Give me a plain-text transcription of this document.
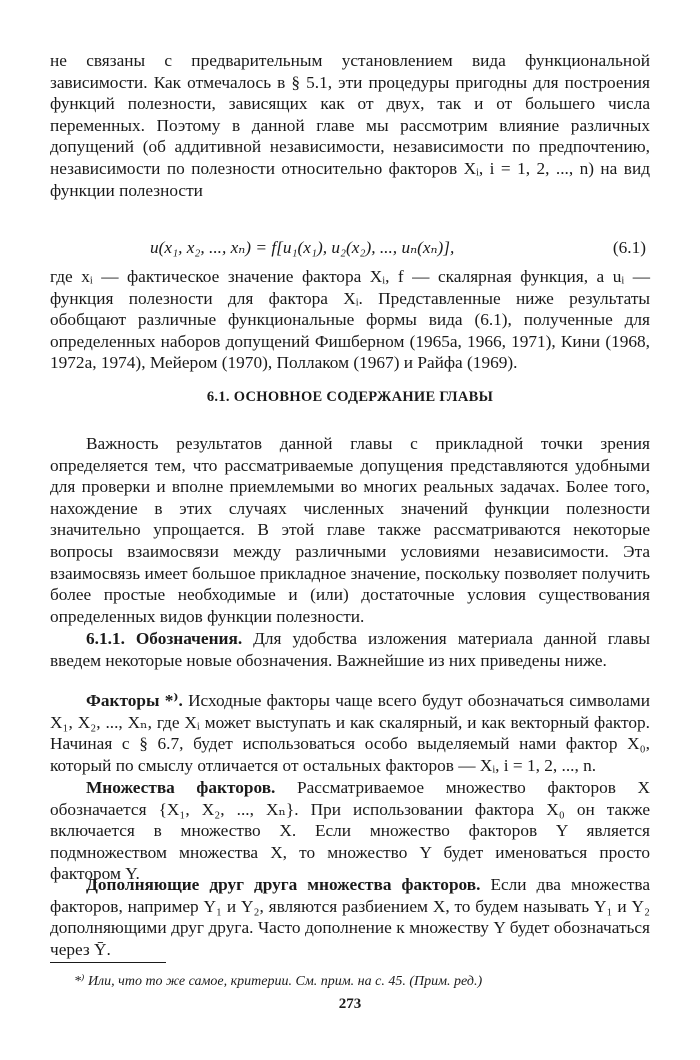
не связаны с предварительным установлением вида функциональной зависимости. Как отмечалось в § 5.1, эти процедуры пригодны для построения функций полезности, зависящих как от двух, так и от большего числа переменных. Поэтому в данной главе мы рассмотрим влияние различных допущений (об аддитивной независимости, независимости по предпочтению, независимости по полезности относительно факторов Xᵢ, i = 1, 2, ..., n) на вид функции полезности

u(x₁, x₂, ..., xₙ) = f[u₁(x₁), u₂(x₂), ..., uₙ(xₙ)],	(6.1)

где xᵢ — фактическое значение фактора Xᵢ, f — скалярная функция, а uᵢ — функция полезности для фактора Xᵢ. Представленные ниже результаты обобщают различные функциональные формы вида (6.1), полученные для определенных наборов допущений Фишберном (1965а, 1966, 1971), Кини (1968, 1972а, 1974), Мейером (1970), Поллаком (1967) и Райфа (1969).

6.1. ОСНОВНОЕ СОДЕРЖАНИЕ ГЛАВЫ

Важность результатов данной главы с прикладной точки зрения определяется тем, что рассматриваемые допущения представляются удобными для проверки и вполне приемлемыми во многих реальных задачах. Более того, нахождение в этих случаях численных значений функции полезности значительно упрощается. В этой главе также рассматриваются некоторые вопросы взаимосвязи между различными условиями независимости. Эта взаимосвязь имеет большое прикладное значение, поскольку позволяет получить более простые необходимые и (или) достаточные условия существования определенных видов функции полезности.

6.1.1. Обозначения. Для удобства изложения материала данной главы введем некоторые новые обозначения. Важнейшие из них приведены ниже.

Факторы *⁾. Исходные факторы чаще всего будут обозначаться символами X₁, X₂, ..., Xₙ, где Xᵢ может выступать и как скалярный, и как векторный фактор. Начиная с § 6.7, будет использоваться особо выделяемый нами фактор X₀, который по смыслу отличается от остальных факторов — Xᵢ, i = 1, 2, ..., n.

Множества факторов. Рассматриваемое множество факторов X обозначается {X₁, X₂, ..., Xₙ}. При использовании фактора X₀ он также включается в множество X. Если множество факторов Y является подмножеством множества X, то множество Y будет именоваться просто фактором Y.

Дополняющие друг друга множества факторов. Если два множества факторов, например Y₁ и Y₂, являются разбиением X, то будем называть Y₁ и Y₂ дополняющими друг друга. Часто дополнение к множеству Y будет обозначаться через Ȳ.

*⁾ Или, что то же самое, критерии. См. прим. на с. 45. (Прим. ред.)

273
